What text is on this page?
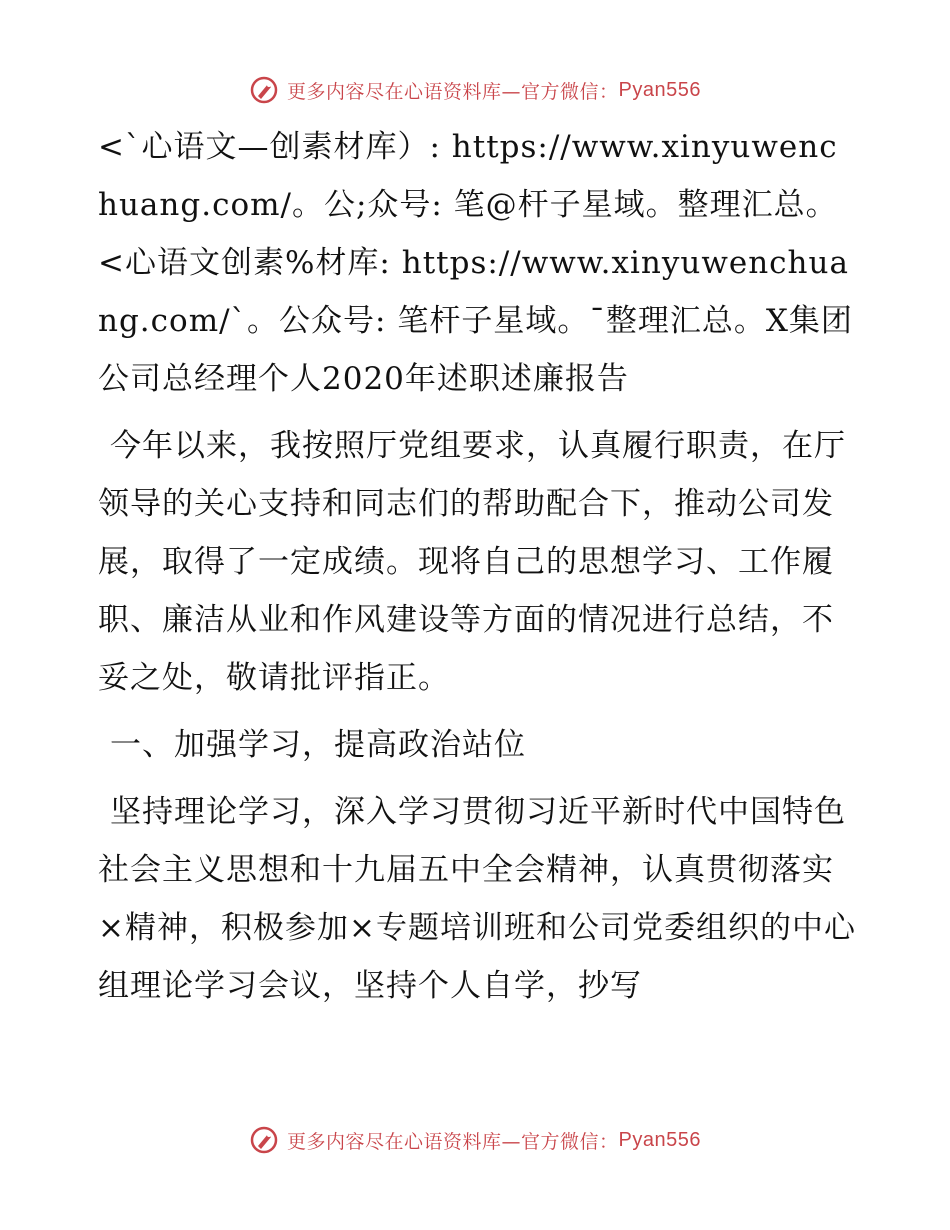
更多内容尽在心语资料库—官方微信： Pyan556

<`心语文—创素材库）: https://www.xinyuwenchuang.com/。公;众号: 笔@杆子星域。整理汇总。<心语文创素%材库: https://www.xinyuwenchuang.com/`。公众号: 笔杆子星域。¯整理汇总。X集团公司总经理个人2020年述职述廉报告

今年以来，我按照厅党组要求，认真履行职责，在厅领导的关心支持和同志们的帮助配合下，推动公司发展，取得了一定成绩。现将自己的思想学习、工作履职、廉洁从业和作风建设等方面的情况进行总结，不妥之处，敬请批评指正。

一、加强学习，提高政治站位

坚持理论学习，深入学习贯彻习近平新时代中国特色社会主义思想和十九届五中全会精神，认真贯彻落实×精神，积极参加×专题培训班和公司党委组织的中心组理论学习会议，坚持个人自学，抄写

更多内容尽在心语资料库—官方微信： Pyan556
